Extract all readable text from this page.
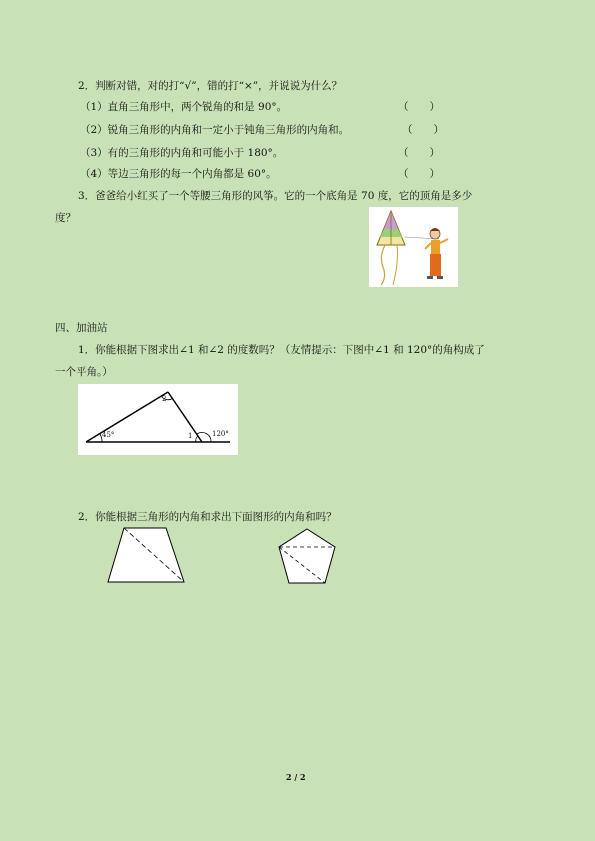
2．判断对错，对的打“√”，错的打“×”，并说说为什么？
（1）直角三角形中，两个锐角的和是 90°。	（　　）
（2）锐角三角形的内角和一定小于钝角三角形的内角和。	（　　）
（3）有的三角形的内角和可能小于 180°。	（　　）
（4）等边三角形的每一个内角都是 60°。	（　　）
3．爸爸给小红买了一个等腰三角形的风筝。它的一个底角是 70 度，它的顶角是多少
度？
四、加油站
1．你能根据下图求出∠1 和∠2 的度数吗？（友情提示：下图中∠1 和 120°的角构成了
一个平角。）
45°
2
1	120°
2．你能根据三角形的内角和求出下面图形的内角和吗？
2 / 2
